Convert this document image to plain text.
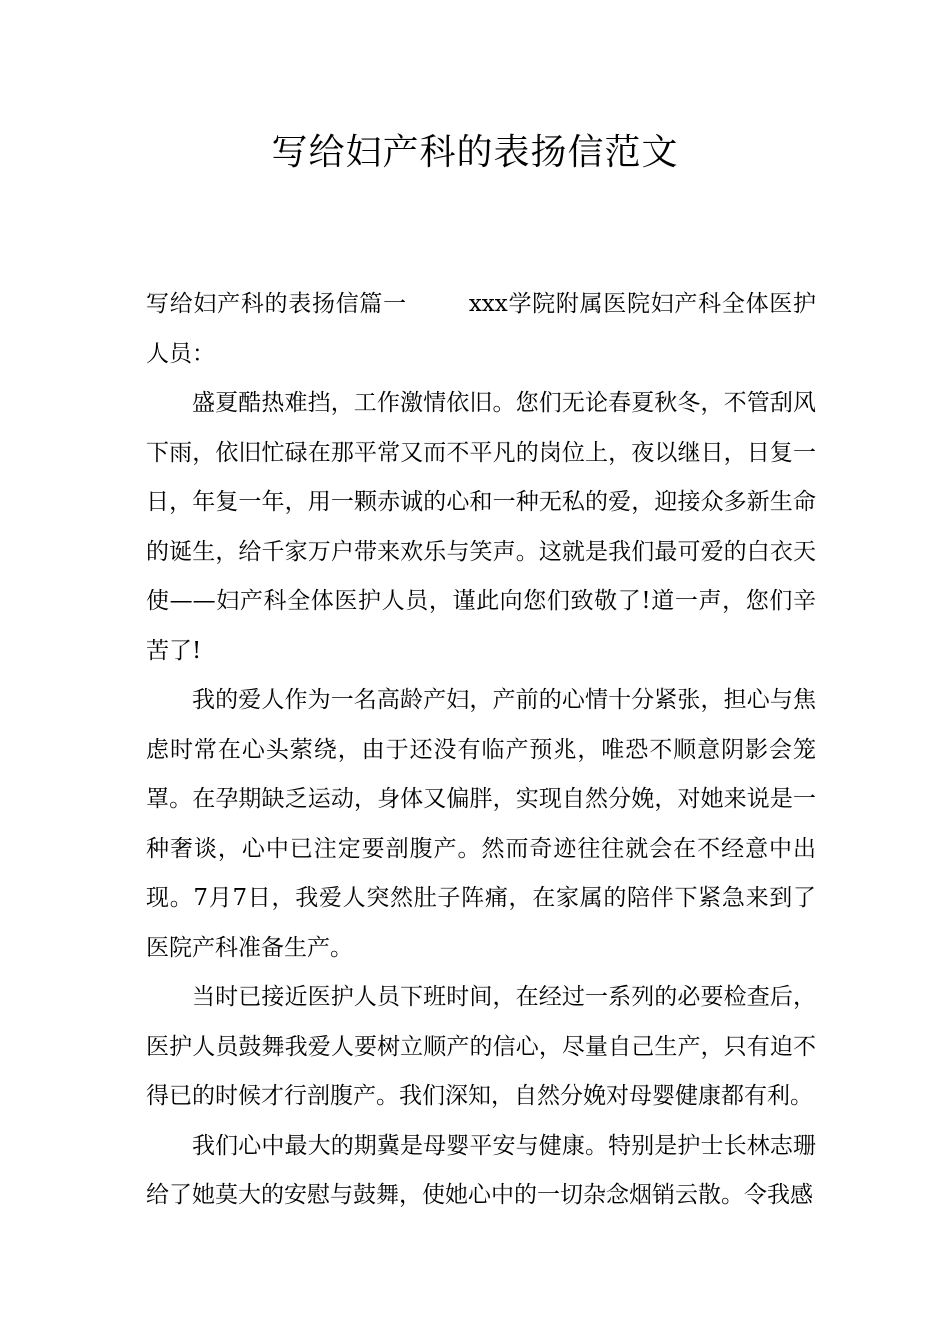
写给妇产科的表扬信范文

写给妇产科的表扬信篇一	xxx学院附属医院妇产科全体医护人员：

盛夏酷热难挡，工作激情依旧。您们无论春夏秋冬，不管刮风下雨，依旧忙碌在那平常又而不平凡的岗位上，夜以继日，日复一日，年复一年，用一颗赤诚的心和一种无私的爱，迎接众多新生命的诞生，给千家万户带来欢乐与笑声。这就是我们最可爱的白衣天使——妇产科全体医护人员，谨此向您们致敬了!道一声，您们辛苦了!

我的爱人作为一名高龄产妇，产前的心情十分紧张，担心与焦虑时常在心头萦绕，由于还没有临产预兆，唯恐不顺意阴影会笼罩。在孕期缺乏运动，身体又偏胖，实现自然分娩，对她来说是一种奢谈，心中已注定要剖腹产。然而奇迹往往就会在不经意中出现。7月7日，我爱人突然肚子阵痛，在家属的陪伴下紧急来到了医院产科准备生产。

当时已接近医护人员下班时间，在经过一系列的必要检查后，医护人员鼓舞我爱人要树立顺产的信心，尽量自己生产，只有迫不得已的时候才行剖腹产。我们深知，自然分娩对母婴健康都有利。

我们心中最大的期冀是母婴平安与健康。特别是护士长林志珊给了她莫大的安慰与鼓舞，使她心中的一切杂念烟销云散。令我感
